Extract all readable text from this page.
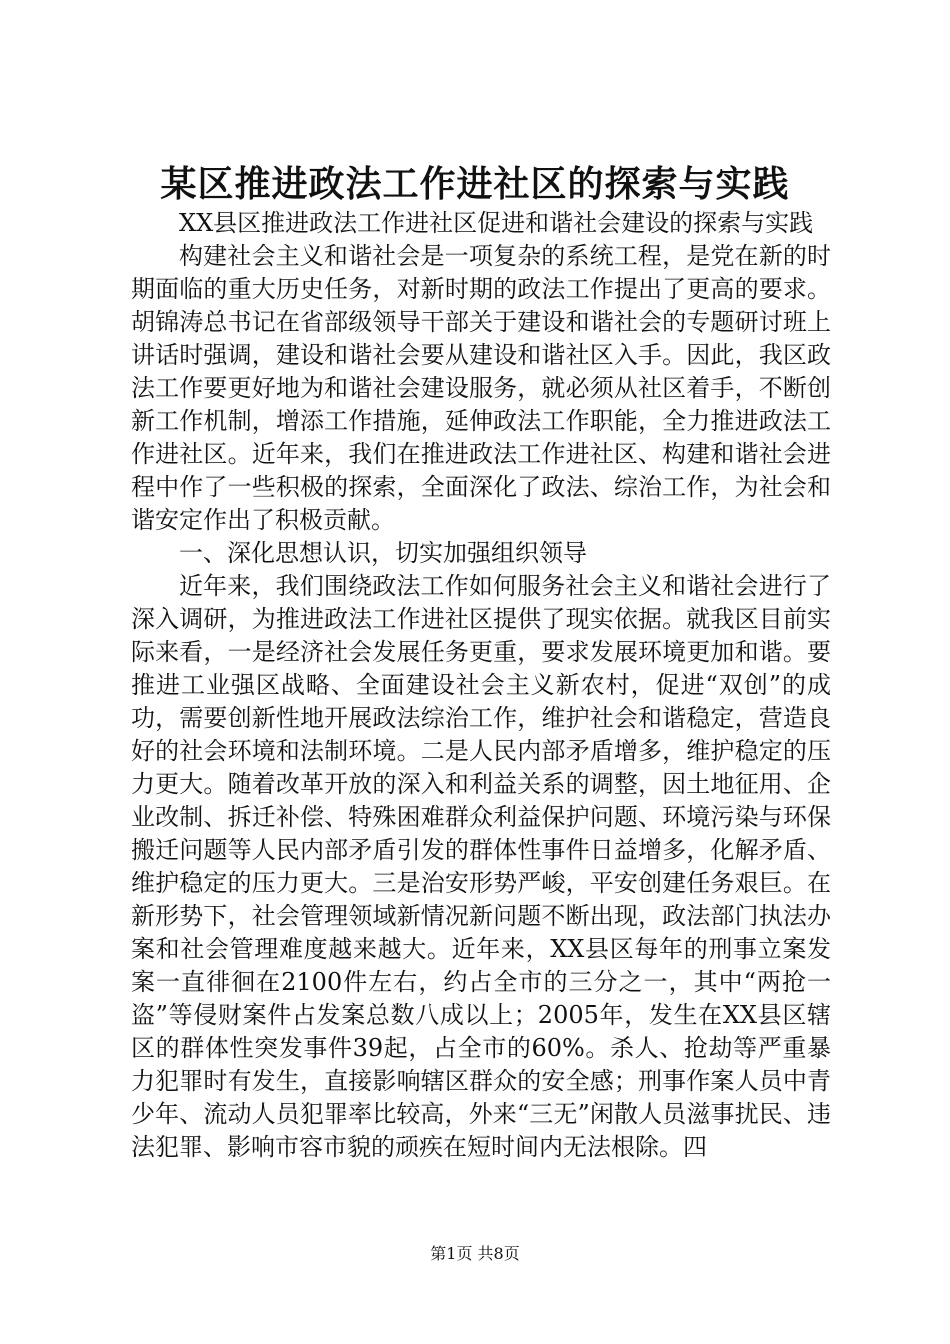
某区推进政法工作进社区的探索与实践

XX县区推进政法工作进社区促进和谐社会建设的探索与实践

构建社会主义和谐社会是一项复杂的系统工程，是党在新的时期面临的重大历史任务，对新时期的政法工作提出了更高的要求。胡锦涛总书记在省部级领导干部关于建设和谐社会的专题研讨班上讲话时强调，建设和谐社会要从建设和谐社区入手。因此，我区政法工作要更好地为和谐社会建设服务，就必须从社区着手，不断创新工作机制，增添工作措施，延伸政法工作职能，全力推进政法工作进社区。近年来，我们在推进政法工作进社区、构建和谐社会进程中作了一些积极的探索，全面深化了政法、综治工作，为社会和谐安定作出了积极贡献。

一、深化思想认识，切实加强组织领导

近年来，我们围绕政法工作如何服务社会主义和谐社会进行了深入调研，为推进政法工作进社区提供了现实依据。就我区目前实际来看，一是经济社会发展任务更重，要求发展环境更加和谐。要推进工业强区战略、全面建设社会主义新农村，促进“双创”的成功，需要创新性地开展政法综治工作，维护社会和谐稳定，营造良好的社会环境和法制环境。二是人民内部矛盾增多，维护稳定的压力更大。随着改革开放的深入和利益关系的调整，因土地征用、企业改制、拆迁补偿、特殊困难群众利益保护问题、环境污染与环保搬迁问题等人民内部矛盾引发的群体性事件日益增多，化解矛盾、维护稳定的压力更大。三是治安形势严峻，平安创建任务艰巨。在新形势下，社会管理领域新情况新问题不断出现，政法部门执法办案和社会管理难度越来越大。近年来，XX县区每年的刑事立案发案一直徘徊在2100件左右，约占全市的三分之一，其中“两抢一盗”等侵财案件占发案总数八成以上；2005年，发生在XX县区辖区的群体性突发事件39起，占全市的60%。杀人、抢劫等严重暴力犯罪时有发生，直接影响辖区群众的安全感；刑事作案人员中青少年、流动人员犯罪率比较高，外来“三无”闲散人员滋事扰民、违法犯罪、影响市容市貌的顽疾在短时间内无法根除。四

第1页 共8页
